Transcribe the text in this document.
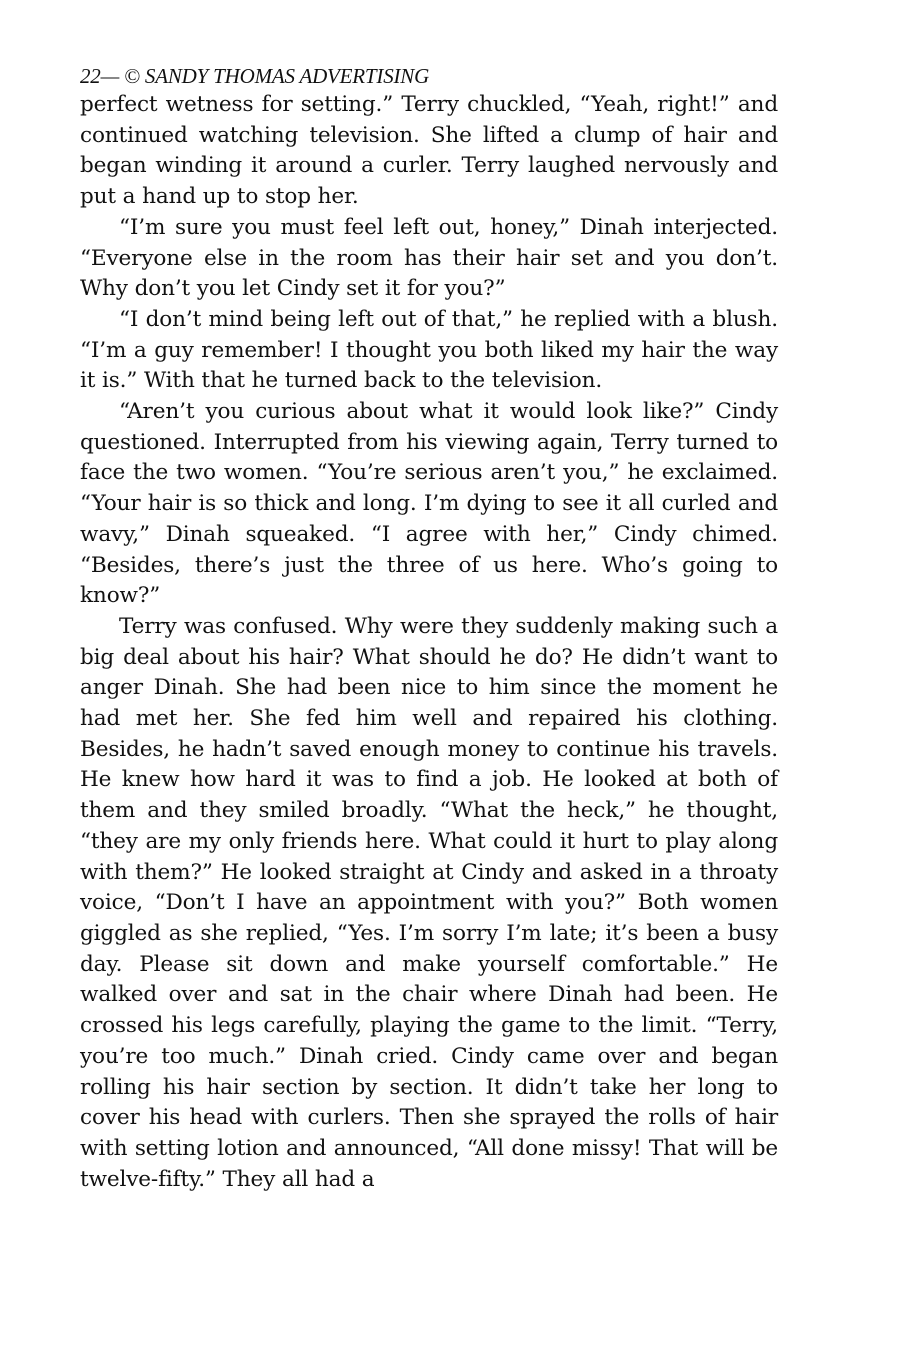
22— © SANDY THOMAS ADVERTISING

perfect wetness for setting.” Terry chuckled, “Yeah, right!” and continued watching television. She lifted a clump of hair and began winding it around a curler. Terry laughed nervously and put a hand up to stop her.

“I’m sure you must feel left out, honey,” Dinah interjected. “Everyone else in the room has their hair set and you don’t. Why don’t you let Cindy set it for you?”

“I don’t mind being left out of that,” he replied with a blush. “I’m a guy remember! I thought you both liked my hair the way it is.” With that he turned back to the television.

“Aren’t you curious about what it would look like?” Cindy questioned. Interrupted from his viewing again, Terry turned to face the two women. “You’re serious aren’t you,” he exclaimed. “Your hair is so thick and long. I’m dying to see it all curled and wavy,” Dinah squeaked. “I agree with her,” Cindy chimed. “Besides, there’s just the three of us here. Who’s going to know?”

Terry was confused. Why were they suddenly making such a big deal about his hair? What should he do? He didn’t want to anger Dinah. She had been nice to him since the moment he had met her. She fed him well and repaired his clothing. Besides, he hadn’t saved enough money to continue his travels. He knew how hard it was to find a job. He looked at both of them and they smiled broadly. “What the heck,” he thought, “they are my only friends here. What could it hurt to play along with them?” He looked straight at Cindy and asked in a throaty voice, “Don’t I have an appointment with you?” Both women giggled as she replied, “Yes. I’m sorry I’m late; it’s been a busy day. Please sit down and make yourself comfortable.” He walked over and sat in the chair where Dinah had been. He crossed his legs carefully, playing the game to the limit. “Terry, you’re too much.” Dinah cried. Cindy came over and began rolling his hair section by section. It didn’t take her long to cover his head with curlers. Then she sprayed the rolls of hair with setting lotion and announced, “All done missy! That will be twelve-fifty.” They all had a
